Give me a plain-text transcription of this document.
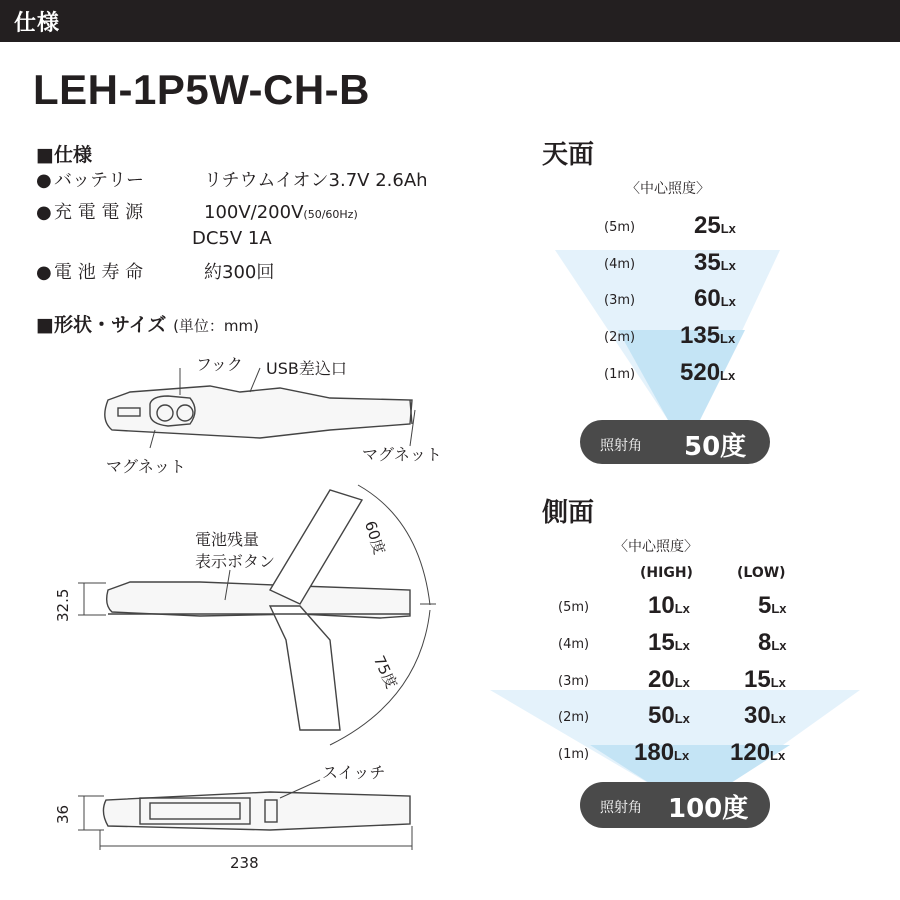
仕様
LEH-1P5W-CH-B
■仕様
● バッテリー	リチウムイオン3.7V 2.6Ah
● 充 電 電 源	100V/200V(50/60Hz)
DC5V 1A
● 電 池 寿 命	約300回
■形状・サイズ (単位：mm)
フック USB差込口
マグネット
マグネット
電池残量
表示ボタン
スイッチ
60度
75度
32.5
36
238
天面
〈中心照度〉
(5m) 25Lx
(4m) 35Lx
(3m) 60Lx
(2m) 135Lx
(1m) 520Lx
照射角 50度
側面
〈中心照度〉
(HIGH)	(LOW)
(5m) 10Lx	5Lx
(4m) 15Lx	8Lx
(3m) 20Lx 15Lx
(2m) 50Lx 30Lx
(1m) 180Lx 120Lx
照射角 100度
